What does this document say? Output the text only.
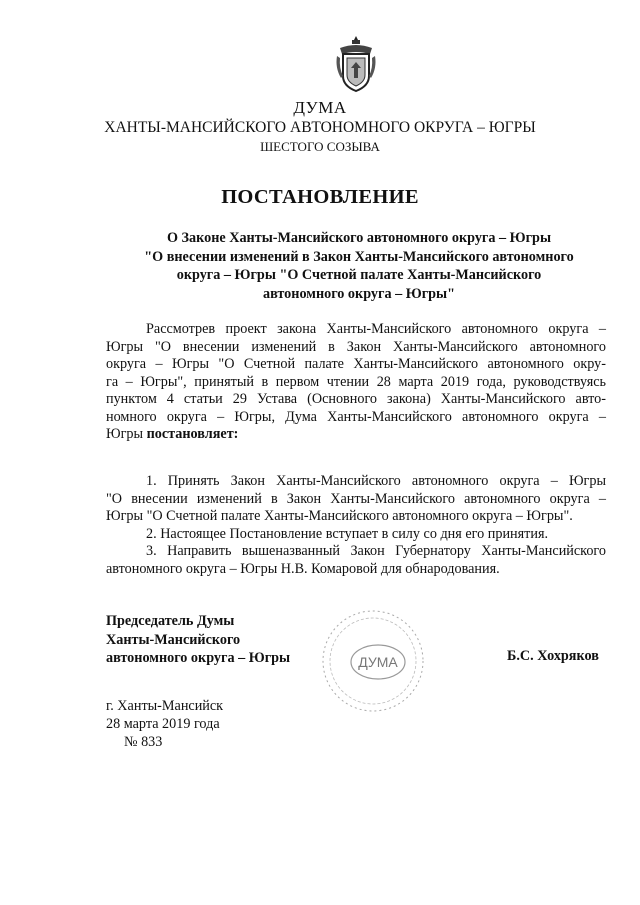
ДУМА
ХАНТЫ-МАНСИЙСКОГО АВТОНОМНОГО ОКРУГА – ЮГРЫ
ШЕСТОГО СОЗЫВА
ПОСТАНОВЛЕНИЕ
О Законе Ханты-Мансийского автономного округа – Югры
"О внесении изменений в Закон Ханты-Мансийского автономного
округа – Югры "О Счетной палате Ханты-Мансийского
автономного округа – Югры"
Рассмотрев проект закона Ханты-Мансийского автономного округа –
Югры "О внесении изменений в Закон Ханты-Мансийского автономного
округа – Югры "О Счетной палате Ханты-Мансийского автономного окру-
га – Югры", принятый в первом чтении 28 марта 2019 года, руководствуясь
пунктом 4 статьи 29 Устава (Основного закона) Ханты-Мансийского авто-
номного округа – Югры, Дума Ханты-Мансийского автономного округа –
Югры постановляет:
1. Принять Закон Ханты-Мансийского автономного округа – Югры
"О внесении изменений в Закон Ханты-Мансийского автономного округа –
Югры "О Счетной палате Ханты-Мансийского автономного округа – Югры".
2. Настоящее Постановление вступает в силу со дня его принятия.
3. Направить вышеназванный Закон Губернатору Ханты-Мансийского
автономного округа – Югры Н.В. Комаровой для обнародования.
Председатель Думы
Ханты-Мансийского
автономного округа – Югры	ДУМА	Б.С. Хохряков
г. Ханты-Мансийск
28 марта 2019 года
№ 833
